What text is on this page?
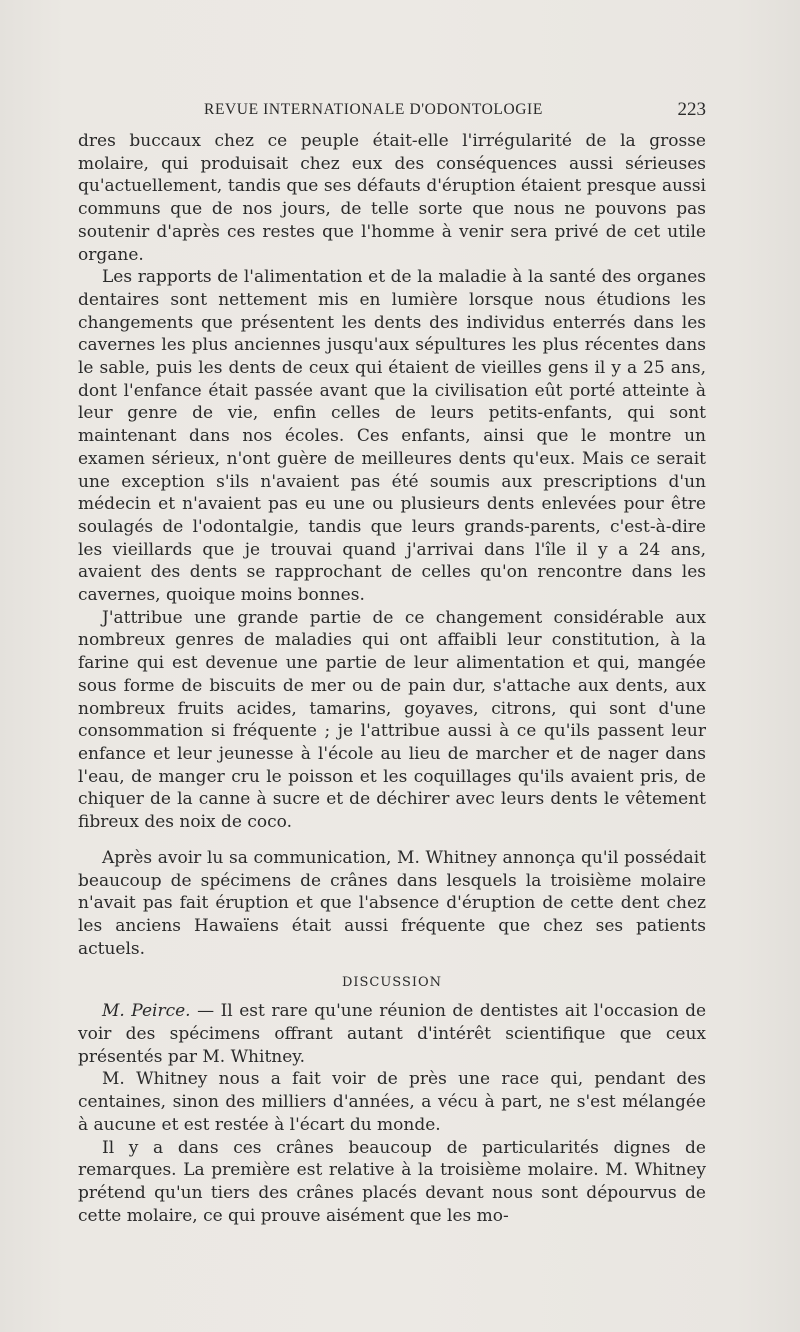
REVUE INTERNATIONALE D'ODONTOLOGIE	223

dres buccaux chez ce peuple était-elle l'irrégularité de la grosse molaire, qui produisait chez eux des conséquences aussi sérieuses qu'actuellement, tandis que ses défauts d'éruption étaient presque aussi communs que de nos jours, de telle sorte que nous ne pouvons pas soutenir d'après ces restes que l'homme à venir sera privé de cet utile organe.

Les rapports de l'alimentation et de la maladie à la santé des organes dentaires sont nettement mis en lumière lorsque nous étudions les changements que présentent les dents des individus enterrés dans les cavernes les plus anciennes jusqu'aux sépultures les plus récentes dans le sable, puis les dents de ceux qui étaient de vieilles gens il y a 25 ans, dont l'enfance était passée avant que la civilisation eût porté atteinte à leur genre de vie, enfin celles de leurs petits-enfants, qui sont maintenant dans nos écoles. Ces enfants, ainsi que le montre un examen sérieux, n'ont guère de meilleures dents qu'eux. Mais ce serait une exception s'ils n'avaient pas été soumis aux prescriptions d'un médecin et n'avaient pas eu une ou plusieurs dents enlevées pour être soulagés de l'odontalgie, tandis que leurs grands-parents, c'est-à-dire les vieillards que je trouvai quand j'arrivai dans l'île il y a 24 ans, avaient des dents se rapprochant de celles qu'on rencontre dans les cavernes, quoique moins bonnes.

J'attribue une grande partie de ce changement considérable aux nombreux genres de maladies qui ont affaibli leur constitution, à la farine qui est devenue une partie de leur alimentation et qui, mangée sous forme de biscuits de mer ou de pain dur, s'attache aux dents, aux nombreux fruits acides, tamarins, goyaves, citrons, qui sont d'une consommation si fréquente ; je l'attribue aussi à ce qu'ils passent leur enfance et leur jeunesse à l'école au lieu de marcher et de nager dans l'eau, de manger cru le poisson et les coquillages qu'ils avaient pris, de chiquer de la canne à sucre et de déchirer avec leurs dents le vêtement fibreux des noix de coco.

Après avoir lu sa communication, M. Whitney annonça qu'il possédait beaucoup de spécimens de crânes dans lesquels la troisième molaire n'avait pas fait éruption et que l'absence d'éruption de cette dent chez les anciens Hawaïens était aussi fréquente que chez ses patients actuels.

DISCUSSION

M. Peirce. — Il est rare qu'une réunion de dentistes ait l'occasion de voir des spécimens offrant autant d'intérêt scientifique que ceux présentés par M. Whitney.

M. Whitney nous a fait voir de près une race qui, pendant des centaines, sinon des milliers d'années, a vécu à part, ne s'est mélangée à aucune et est restée à l'écart du monde.

Il y a dans ces crânes beaucoup de particularités dignes de remarques. La première est relative à la troisième molaire. M. Whitney prétend qu'un tiers des crânes placés devant nous sont dépourvus de cette molaire, ce qui prouve aisément que les mo-
